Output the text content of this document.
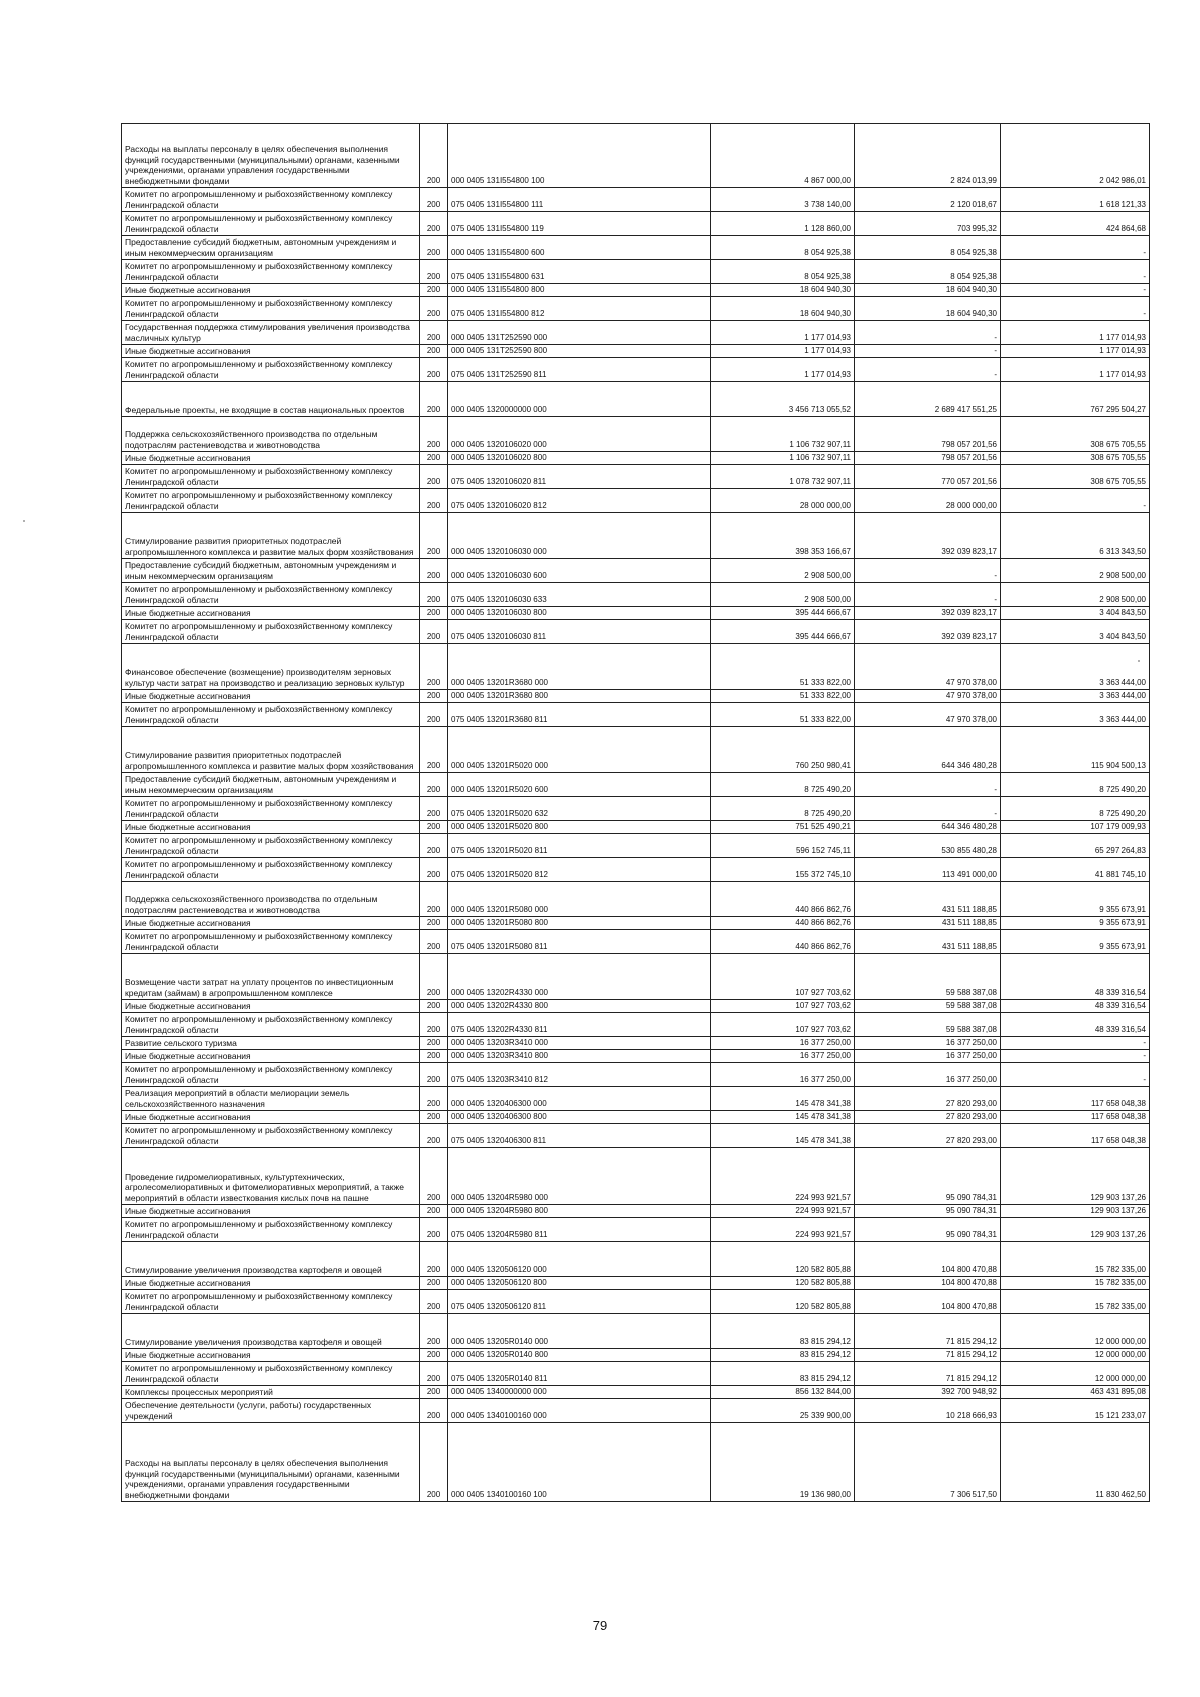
Расходы на выплаты персоналу в целях обеспечения выполнения функций государственными (муниципальными) органами, казенными учреждениями, органами управления государственными внебюджетными фондами	200	000 0405 131I554800 100	4 867 000,00	2 824 013,99	2 042 986,01
Комитет по агропромышленному и рыбохозяйственному комплексу Ленинградской области	200	075 0405 131I554800 111	3 738 140,00	2 120 018,67	1 618 121,33
Комитет по агропромышленному и рыбохозяйственному комплексу Ленинградской области	200	075 0405 131I554800 119	1 128 860,00	703 995,32	424 864,68
Предоставление субсидий бюджетным, автономным учреждениям и иным некоммерческим организациям	200	000 0405 131I554800 600	8 054 925,38	8 054 925,38	-
Комитет по агропромышленному и рыбохозяйственному комплексу Ленинградской области	200	075 0405 131I554800 631	8 054 925,38	8 054 925,38	-
Иные бюджетные ассигнования	200	000 0405 131I554800 800	18 604 940,30	18 604 940,30	-
Комитет по агропромышленному и рыбохозяйственному комплексу Ленинградской области	200	075 0405 131I554800 812	18 604 940,30	18 604 940,30	-
Государственная поддержка стимулирования увеличения производства масличных культур	200	000 0405 131T252590 000	1 177 014,93	-	1 177 014,93
Иные бюджетные ассигнования	200	000 0405 131T252590 800	1 177 014,93	-	1 177 014,93
Комитет по агропромышленному и рыбохозяйственному комплексу Ленинградской области	200	075 0405 131T252590 811	1 177 014,93	-	1 177 014,93
Федеральные проекты, не входящие в состав национальных проектов	200	000 0405 1320000000 000	3 456 713 055,52	2 689 417 551,25	767 295 504,27
Поддержка сельскохозяйственного производства по отдельным подотраслям растениеводства и животноводства	200	000 0405 1320106020 000	1 106 732 907,11	798 057 201,56	308 675 705,55
Иные бюджетные ассигнования	200	000 0405 1320106020 800	1 106 732 907,11	798 057 201,56	308 675 705,55
Комитет по агропромышленному и рыбохозяйственному комплексу Ленинградской области	200	075 0405 1320106020 811	1 078 732 907,11	770 057 201,56	308 675 705,55
Комитет по агропромышленному и рыбохозяйственному комплексу Ленинградской области	200	075 0405 1320106020 812	28 000 000,00	28 000 000,00	-
Стимулирование развития приоритетных подотраслей агропромышленного комплекса и развитие малых форм хозяйствования	200	000 0405 1320106030 000	398 353 166,67	392 039 823,17	6 313 343,50
Предоставление субсидий бюджетным, автономным учреждениям и иным некоммерческим организациям	200	000 0405 1320106030 600	2 908 500,00	-	2 908 500,00
Комитет по агропромышленному и рыбохозяйственному комплексу Ленинградской области	200	075 0405 1320106030 633	2 908 500,00	-	2 908 500,00
Иные бюджетные ассигнования	200	000 0405 1320106030 800	395 444 666,67	392 039 823,17	3 404 843,50
Комитет по агропромышленному и рыбохозяйственному комплексу Ленинградской области	200	075 0405 1320106030 811	395 444 666,67	392 039 823,17	3 404 843,50
Финансовое обеспечение (возмещение) производителям зерновых культур части затрат на производство и реализацию зерновых культур	200	000 0405 13201R3680 000	51 333 822,00	47 970 378,00	3 363 444,00
Иные бюджетные ассигнования	200	000 0405 13201R3680 800	51 333 822,00	47 970 378,00	3 363 444,00
Комитет по агропромышленному и рыбохозяйственному комплексу Ленинградской области	200	075 0405 13201R3680 811	51 333 822,00	47 970 378,00	3 363 444,00
Стимулирование развития приоритетных подотраслей агропромышленного комплекса и развитие малых форм хозяйствования	200	000 0405 13201R5020 000	760 250 980,41	644 346 480,28	115 904 500,13
Предоставление субсидий бюджетным, автономным учреждениям и иным некоммерческим организациям	200	000 0405 13201R5020 600	8 725 490,20	-	8 725 490,20
Комитет по агропромышленному и рыбохозяйственному комплексу Ленинградской области	200	075 0405 13201R5020 632	8 725 490,20	-	8 725 490,20
Иные бюджетные ассигнования	200	000 0405 13201R5020 800	751 525 490,21	644 346 480,28	107 179 009,93
Комитет по агропромышленному и рыбохозяйственному комплексу Ленинградской области	200	075 0405 13201R5020 811	596 152 745,11	530 855 480,28	65 297 264,83
Комитет по агропромышленному и рыбохозяйственному комплексу Ленинградской области	200	075 0405 13201R5020 812	155 372 745,10	113 491 000,00	41 881 745,10
Поддержка сельскохозяйственного производства по отдельным подотраслям растениеводства и животноводства	200	000 0405 13201R5080 000	440 866 862,76	431 511 188,85	9 355 673,91
Иные бюджетные ассигнования	200	000 0405 13201R5080 800	440 866 862,76	431 511 188,85	9 355 673,91
Комитет по агропромышленному и рыбохозяйственному комплексу Ленинградской области	200	075 0405 13201R5080 811	440 866 862,76	431 511 188,85	9 355 673,91
Возмещение части затрат на уплату процентов по инвестиционным кредитам (займам) в агропромышленном комплексе	200	000 0405 13202R4330 000	107 927 703,62	59 588 387,08	48 339 316,54
Иные бюджетные ассигнования	200	000 0405 13202R4330 800	107 927 703,62	59 588 387,08	48 339 316,54
Комитет по агропромышленному и рыбохозяйственному комплексу Ленинградской области	200	075 0405 13202R4330 811	107 927 703,62	59 588 387,08	48 339 316,54
Развитие сельского туризма	200	000 0405 13203R3410 000	16 377 250,00	16 377 250,00	-
Иные бюджетные ассигнования	200	000 0405 13203R3410 800	16 377 250,00	16 377 250,00	-
Комитет по агропромышленному и рыбохозяйственному комплексу Ленинградской области	200	075 0405 13203R3410 812	16 377 250,00	16 377 250,00	-
Реализация мероприятий в области мелиорации земель сельскохозяйственного назначения	200	000 0405 1320406300 000	145 478 341,38	27 820 293,00	117 658 048,38
Иные бюджетные ассигнования	200	000 0405 1320406300 800	145 478 341,38	27 820 293,00	117 658 048,38
Комитет по агропромышленному и рыбохозяйственному комплексу Ленинградской области	200	075 0405 1320406300 811	145 478 341,38	27 820 293,00	117 658 048,38
Проведение гидромелиоративных, культуртехнических, агролесомелиоративных и фитомелиоративных мероприятий, а также мероприятий в области известкования кислых почв на пашне	200	000 0405 13204R5980 000	224 993 921,57	95 090 784,31	129 903 137,26
Иные бюджетные ассигнования	200	000 0405 13204R5980 800	224 993 921,57	95 090 784,31	129 903 137,26
Комитет по агропромышленному и рыбохозяйственному комплексу Ленинградской области	200	075 0405 13204R5980 811	224 993 921,57	95 090 784,31	129 903 137,26
Стимулирование увеличения производства картофеля и овощей	200	000 0405 1320506120 000	120 582 805,88	104 800 470,88	15 782 335,00
Иные бюджетные ассигнования	200	000 0405 1320506120 800	120 582 805,88	104 800 470,88	15 782 335,00
Комитет по агропромышленному и рыбохозяйственному комплексу Ленинградской области	200	075 0405 1320506120 811	120 582 805,88	104 800 470,88	15 782 335,00
Стимулирование увеличения производства картофеля и овощей	200	000 0405 13205R0140 000	83 815 294,12	71 815 294,12	12 000 000,00
Иные бюджетные ассигнования	200	000 0405 13205R0140 800	83 815 294,12	71 815 294,12	12 000 000,00
Комитет по агропромышленному и рыбохозяйственному комплексу Ленинградской области	200	075 0405 13205R0140 811	83 815 294,12	71 815 294,12	12 000 000,00
Комплексы процессных мероприятий	200	000 0405 1340000000 000	856 132 844,00	392 700 948,92	463 431 895,08
Обеспечение деятельности (услуги, работы) государственных учреждений	200	000 0405 1340100160 000	25 339 900,00	10 218 666,93	15 121 233,07
Расходы на выплаты персоналу в целях обеспечения выполнения функций государственными (муниципальными) органами, казенными учреждениями, органами управления государственными внебюджетными фондами	200	000 0405 1340100160 100	19 136 980,00	7 306 517,50	11 830 462,50
79
